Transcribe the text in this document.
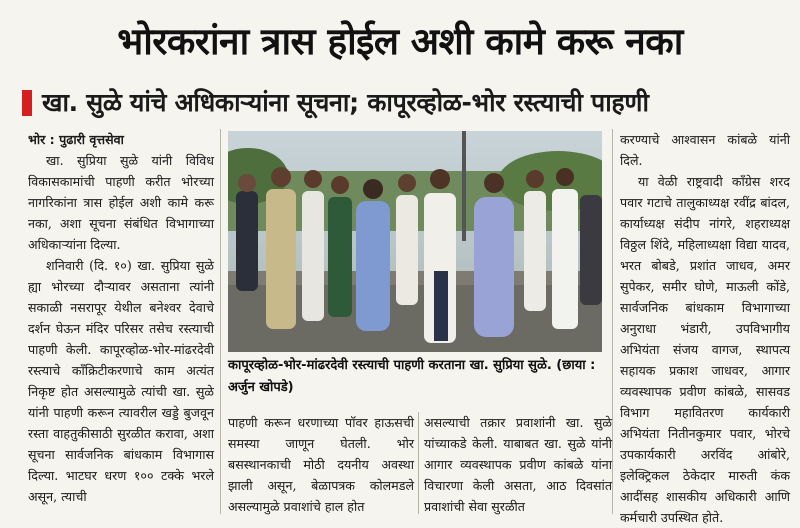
भोरकरांना त्रास होईल अशी कामे करू नका
खा. सुळे यांचे अधिकाऱ्यांना सूचना; कापूरव्होळ-भोर रस्त्याची पाहणी

भोर : पुढारी वृत्तसेवा

खा. सुप्रिया सुळे यांनी विविध विकासकामांची पाहणी करीत भोरच्या नागरिकांना त्रास होईल अशी कामे करू नका, अशा सूचना संबंधित विभागाच्या अधिकाऱ्यांना दिल्या.

शनिवारी (दि. १०) खा. सुप्रिया सुळे ह्या भोरच्या दौऱ्यावर असताना त्यांनी सकाळी नसरापूर येथील बनेश्वर देवाचे दर्शन घेऊन मंदिर परिसर तसेच रस्त्याची पाहणी केली. कापूरव्होळ-भोर-मांढरदेवी रस्त्याचे काँक्रिटीकरणाचे काम अत्यंत निकृष्ट होत असल्यामुळे त्यांची खा. सुळे यांनी पाहणी करून त्यावरील खड्डे बुजवून रस्ता वाहतुकीसाठी सुरळीत करावा, अशा सूचना सार्वजनिक बांधकाम विभागास दिल्या. भाटघर धरण १०० टक्के भरले असून, त्याची

कापूरव्होळ-भोर-मांढरदेवी रस्त्याची पाहणी करताना खा. सुप्रिया सुळे. (छाया : अर्जुन खोपडे)

पाहणी करून धरणाच्या पॉवर हाऊसची समस्या जाणून घेतली. भोर बसस्थानकाची मोठी दयनीय अवस्था झाली असून, बेळापत्रक कोलमडले असल्यामुळे प्रवाशांचे हाल होत

असल्याची तक्रार प्रवाशांनी खा. सुळे यांच्याकडे केली. याबाबत खा. सुळे यांनी आगार व्यवस्थापक प्रवीण कांबळे यांना विचारणा केली असता, आठ दिवसांत प्रवाशांची सेवा सुरळीत

करण्याचे आश्वासन कांबळे यांनी दिले.

या वेळी राष्ट्रवादी काँग्रेस शरद पवार गटाचे तालुकाध्यक्ष रवींद्र बांदल, कार्याध्यक्ष संदीप नांगरे, शहराध्यक्ष विठ्ठल शिंदे, महिलाध्यक्षा विद्या यादव, भरत बोबडे, प्रशांत जाधव, अमर सुपेकर, समीर घोणे, माऊली कोंडे, सार्वजनिक बांधकाम विभागाच्या अनुराधा भंडारी, उपविभागीय अभियंता संजय वागज, स्थापत्य सहायक प्रकाश जाधवर, आगार व्यवस्थापक प्रवीण कांबळे, सासवड विभाग महावितरण कार्यकारी अभियंता नितीनकुमार पवार, भोरचे उपकार्यकारी अरविंद आंबोरे, इलेक्ट्रिकल ठेकेदार मारुती कंक आदींसह शासकीय अधिकारी आणि कर्मचारी उपस्थित होते.
